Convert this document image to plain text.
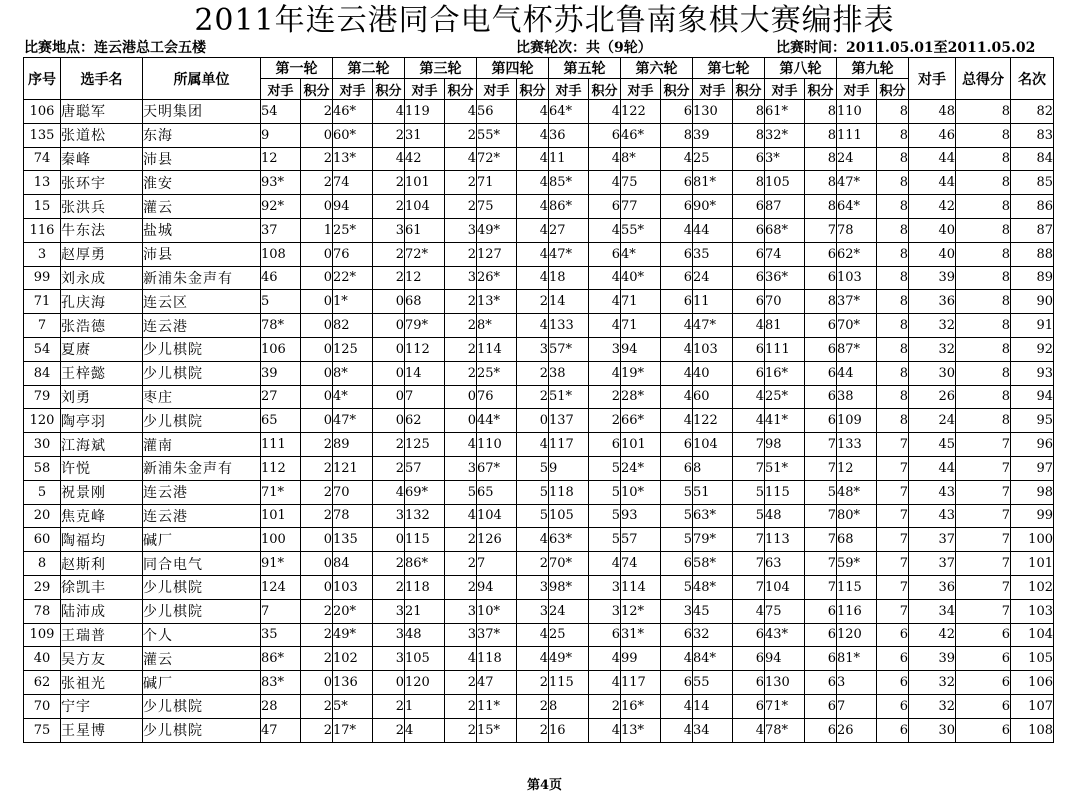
2011年连云港同合电气杯苏北鲁南象棋大赛编排表
比赛地点：连云港总工会五楼	比赛轮次：共（9轮）	比赛时间：2011.05.01至2011.05.02
序号	选手名	所属单位	第一轮		第二轮		第三轮		第四轮		第五轮		第六轮		第七轮		第八轮		第九轮		对手	总得分	名次
			对手	积分	对手	积分	对手	积分	对手	积分	对手	积分	对手	积分	对手	积分	对手	积分	对手	积分			
106	唐聪军	天明集团	54	2	46*	4	119	4	56	4	64*	4	122	6	130	8	61*	8	110	8	48	8	82
135	张道松	东海	9	0	60*	2	31	2	55*	4	36	6	46*	8	39	8	32*	8	111	8	46	8	83
74	秦峰	沛县	12	2	13*	4	42	4	72*	4	11	4	8*	4	25	6	3*	8	24	8	44	8	84
13	张环宇	淮安	93*	2	74	2	101	2	71	4	85*	4	75	6	81*	8	105	8	47*	8	44	8	85
15	张洪兵	灌云	92*	0	94	2	104	2	75	4	86*	6	77	6	90*	6	87	8	64*	8	42	8	86
116	牛东法	盐城	37	1	25*	3	61	3	49*	4	27	4	55*	4	44	6	68*	7	78	8	40	8	87
3	赵厚勇	沛县	108	0	76	2	72*	2	127	4	47*	6	4*	6	35	6	74	6	62*	8	40	8	88
99	刘永成	新浦朱金声有	46	0	22*	2	12	3	26*	4	18	4	40*	6	24	6	36*	6	103	8	39	8	89
71	孔庆海	连云区	5	0	1*	0	68	2	13*	2	14	4	71	6	11	6	70	8	37*	8	36	8	90
7	张浩德	连云港	78*	0	82	0	79*	2	8*	4	133	4	71	4	47*	4	81	6	70*	8	32	8	91
54	夏赓	少儿棋院	106	0	125	0	112	2	114	3	57*	3	94	4	103	6	111	6	87*	8	32	8	92
84	王梓懿	少儿棋院	39	0	8*	0	14	2	25*	2	38	4	19*	4	40	6	16*	6	44	8	30	8	93
79	刘勇	枣庄	27	0	4*	0	7	0	76	2	51*	2	28*	4	60	4	25*	6	38	8	26	8	94
120	陶亭羽	少儿棋院	65	0	47*	0	62	0	44*	0	137	2	66*	4	122	4	41*	6	109	8	24	8	95
30	江海斌	灌南	111	2	89	2	125	4	110	4	117	6	101	6	104	7	98	7	133	7	45	7	96
58	许悦	新浦朱金声有	112	2	121	2	57	3	67*	5	9	5	24*	6	8	7	51*	7	12	7	44	7	97
5	祝景刚	连云港	71*	2	70	4	69*	5	65	5	118	5	10*	5	51	5	115	5	48*	7	43	7	98
20	焦克峰	连云港	101	2	78	3	132	4	104	5	105	5	93	5	63*	5	48	7	80*	7	43	7	99
60	陶福均	碱厂	100	0	135	0	115	2	126	4	63*	5	57	5	79*	7	113	7	68	7	37	7	100
8	赵斯利	同合电气	91*	0	84	2	86*	2	7	2	70*	4	74	6	58*	7	63	7	59*	7	37	7	101
29	徐凯丰	少儿棋院	124	0	103	2	118	2	94	3	98*	3	114	5	48*	7	104	7	115	7	36	7	102
78	陆沛成	少儿棋院	7	2	20*	3	21	3	10*	3	24	3	12*	3	45	4	75	6	116	7	34	7	103
109	王瑞普	个人	35	2	49*	3	48	3	37*	4	25	6	31*	6	32	6	43*	6	120	6	42	6	104
40	吴方友	灌云	86*	2	102	3	105	4	118	4	49*	4	99	4	84*	6	94	6	81*	6	39	6	105
62	张祖光	碱厂	83*	0	136	0	120	2	47	2	115	4	117	6	55	6	130	6	3	6	32	6	106
70	宁宇	少儿棋院	28	2	5*	2	1	2	11*	2	8	2	16*	4	14	6	71*	6	7	6	32	6	107
75	王星博	少儿棋院	47	2	17*	2	4	2	15*	2	16	4	13*	4	34	4	78*	6	26	6	30	6	108
第4页
